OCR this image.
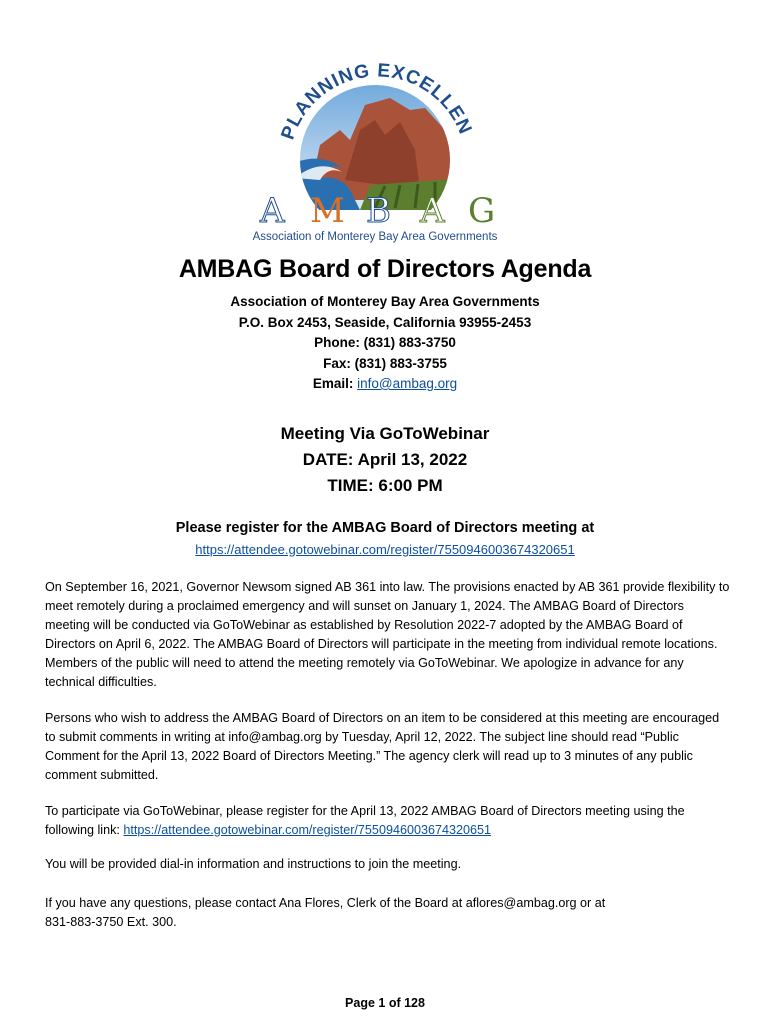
PLANNING EXCELLEN
A M B A G
Association of Monterey Bay Area Governments
AMBAG Board of Directors Agenda
Association of Monterey Bay Area Governments
P.O. Box 2453, Seaside, California 93955-2453
Phone: (831) 883-3750
Fax: (831) 883-3755
Email: info@ambag.org
Meeting Via GoToWebinar
DATE: April 13, 2022
TIME: 6:00 PM
Please register for the AMBAG Board of Directors meeting at
https://attendee.gotowebinar.com/register/7550946003674320651
On September 16, 2021, Governor Newsom signed AB 361 into law. The provisions enacted by AB 361 provide flexibility to meet remotely during a proclaimed emergency and will sunset on January 1, 2024. The AMBAG Board of Directors meeting will be conducted via GoToWebinar as established by Resolution 2022-7 adopted by the AMBAG Board of Directors on April 6, 2022. The AMBAG Board of Directors will participate in the meeting from individual remote locations. Members of the public will need to attend the meeting remotely via GoToWebinar. We apologize in advance for any technical difficulties.
Persons who wish to address the AMBAG Board of Directors on an item to be considered at this meeting are encouraged to submit comments in writing at info@ambag.org by Tuesday, April 12, 2022. The subject line should read “Public Comment for the April 13, 2022 Board of Directors Meeting.” The agency clerk will read up to 3 minutes of any public comment submitted.
To participate via GoToWebinar, please register for the April 13, 2022 AMBAG Board of Directors meeting using the following link: https://attendee.gotowebinar.com/register/7550946003674320651
You will be provided dial-in information and instructions to join the meeting.
If you have any questions, please contact Ana Flores, Clerk of the Board at aflores@ambag.org or at
831-883-3750 Ext. 300.
Page 1 of 128
